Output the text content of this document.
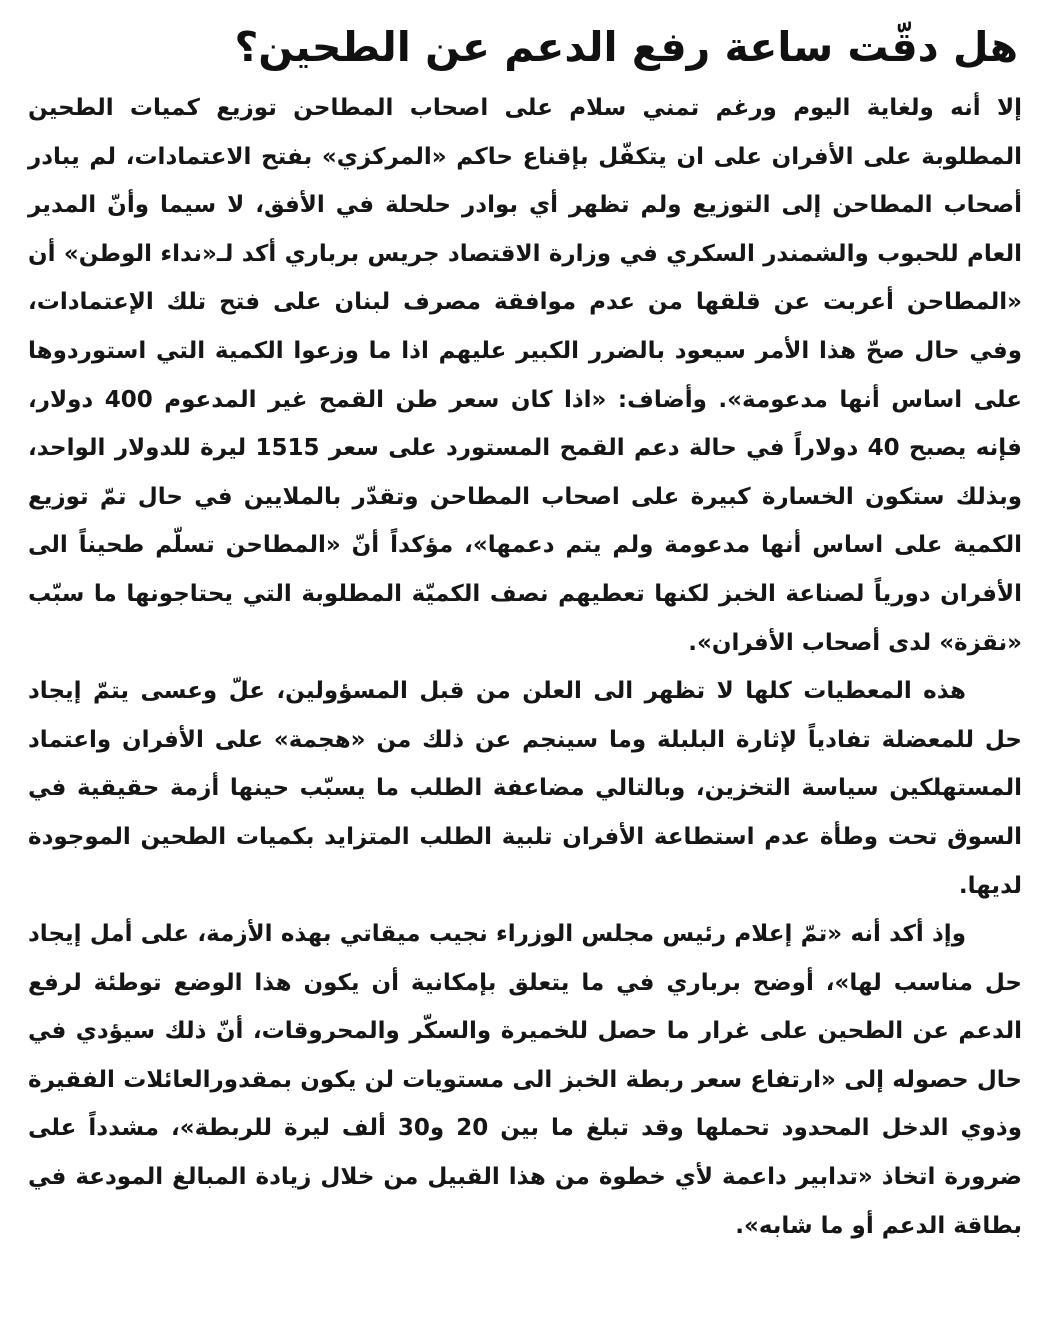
هل دقّت ساعة رفع الدعم عن الطحين؟

إلا أنه ولغاية اليوم ورغم تمني سلام على اصحاب المطاحن توزيع كميات الطحين المطلوبة على الأفران على ان يتكفّل بإقناع حاكم «المركزي» بفتح الاعتمادات، لم يبادر أصحاب المطاحن إلى التوزيع ولم تظهر أي بوادر حلحلة في الأفق، لا سيما وأنّ المدير العام للحبوب والشمندر السكري في وزارة الاقتصاد جريس برباري أكد لـ«نداء الوطن» أن «المطاحن أعربت عن قلقها من عدم موافقة مصرف لبنان على فتح تلك الإعتمادات، وفي حال صحّ هذا الأمر سيعود بالضرر الكبير عليهم اذا ما وزعوا الكمية التي استوردوها على اساس أنها مدعومة». وأضاف: «اذا كان سعر طن القمح غير المدعوم 400 دولار، فإنه يصبح 40 دولاراً في حالة دعم القمح المستورد على سعر 1515 ليرة للدولار الواحد، وبذلك ستكون الخسارة كبيرة على اصحاب المطاحن وتقدّر بالملايين في حال تمّ توزيع الكمية على اساس أنها مدعومة ولم يتم دعمها»، مؤكداً أنّ «المطاحن تسلّم طحيناً الى الأفران دورياً لصناعة الخبز لكنها تعطيهم نصف الكميّة المطلوبة التي يحتاجونها ما سبّب «نقزة» لدى أصحاب الأفران».

هذه المعطيات كلها لا تظهر الى العلن من قبل المسؤولين، علّ وعسى يتمّ إيجاد حل للمعضلة تفادياً لإثارة البلبلة وما سينجم عن ذلك من «هجمة» على الأفران واعتماد المستهلكين سياسة التخزين، وبالتالي مضاعفة الطلب ما يسبّب حينها أزمة حقيقية في السوق تحت وطأة عدم استطاعة الأفران تلبية الطلب المتزايد بكميات الطحين الموجودة لديها.

وإذ أكد أنه «تمّ إعلام رئيس مجلس الوزراء نجيب ميقاتي بهذه الأزمة، على أمل إيجاد حل مناسب لها»، أوضح برباري في ما يتعلق بإمكانية أن يكون هذا الوضع توطئة لرفع الدعم عن الطحين على غرار ما حصل للخميرة والسكّر والمحروقات، أنّ ذلك سيؤدي في حال حصوله إلى «ارتفاع سعر ربطة الخبز الى مستويات لن يكون بمقدورالعائلات الفقيرة وذوي الدخل المحدود تحملها وقد تبلغ ما بين 20 و30 ألف ليرة للربطة»، مشدداً على ضرورة اتخاذ «تدابير داعمة لأي خطوة من هذا القبيل من خلال زيادة المبالغ المودعة في بطاقة الدعم أو ما شابه».
